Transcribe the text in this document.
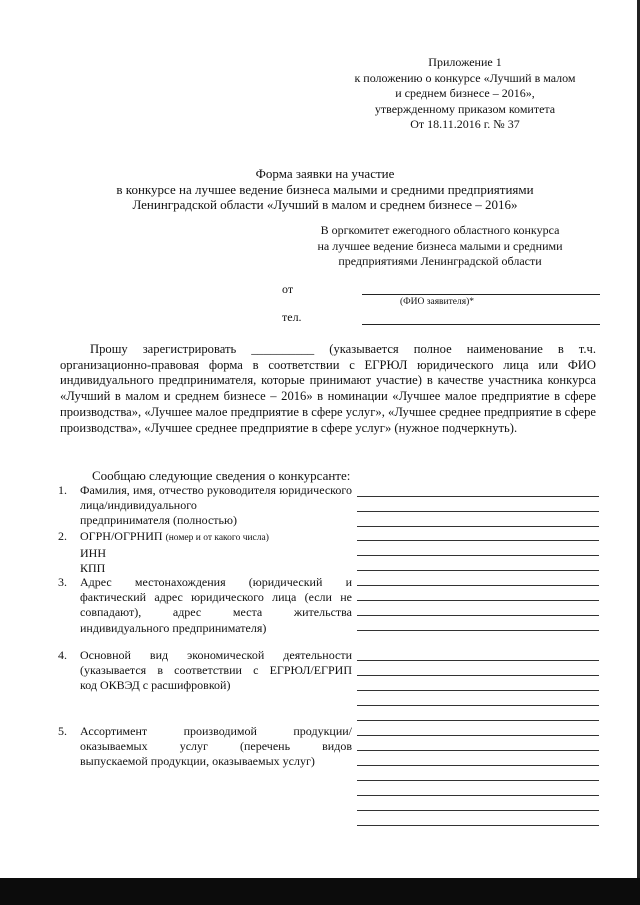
Приложение 1
к положению о конкурсе «Лучший в малом
и среднем бизнесе – 2016»,
утвержденному приказом комитета
От 18.11.2016 г. № 37
Форма заявки на участие
в конкурсе на лучшее ведение бизнеса малыми и средними предприятиями
Ленинградской области «Лучший в малом и среднем бизнесе – 2016»
В оргкомитет ежегодного областного конкурса
на лучшее ведение бизнеса малыми и средними
предприятиями Ленинградской области
от
(ФИО заявителя)*
тел.
Прошу зарегистрировать __________ (указывается полное наименование в т.ч. организационно-правовая форма в соответствии с ЕГРЮЛ юридического лица или ФИО индивидуального предпринимателя, которые принимают участие) в качестве участника конкурса «Лучший в малом и среднем бизнесе – 2016» в номинации «Лучшее малое предприятие в сфере производства», «Лучшее малое предприятие в сфере услуг», «Лучшее среднее предприятие в сфере производства», «Лучшее среднее предприятие в сфере услуг» (нужное подчеркнуть).
Сообщаю следующие сведения о конкурсанте:
1. Фамилия, имя, отчество руководителя юридического лица/индивидуального
предпринимателя (полностью)
2. ОГРН/ОГРНИП (номер и от какого числа)
ИНН
КПП
3. Адрес местонахождения (юридический и фактический адрес юридического лица (если не совпадают), адрес места жительства
индивидуального предпринимателя)
4. Основной вид экономической деятельности (указывается в соответствии с ЕГРЮЛ/ЕГРИП
код ОКВЭД с расшифровкой)
5. Ассортимент производимой продукции/ оказываемых услуг (перечень видов
выпускаемой продукции, оказываемых услуг)
